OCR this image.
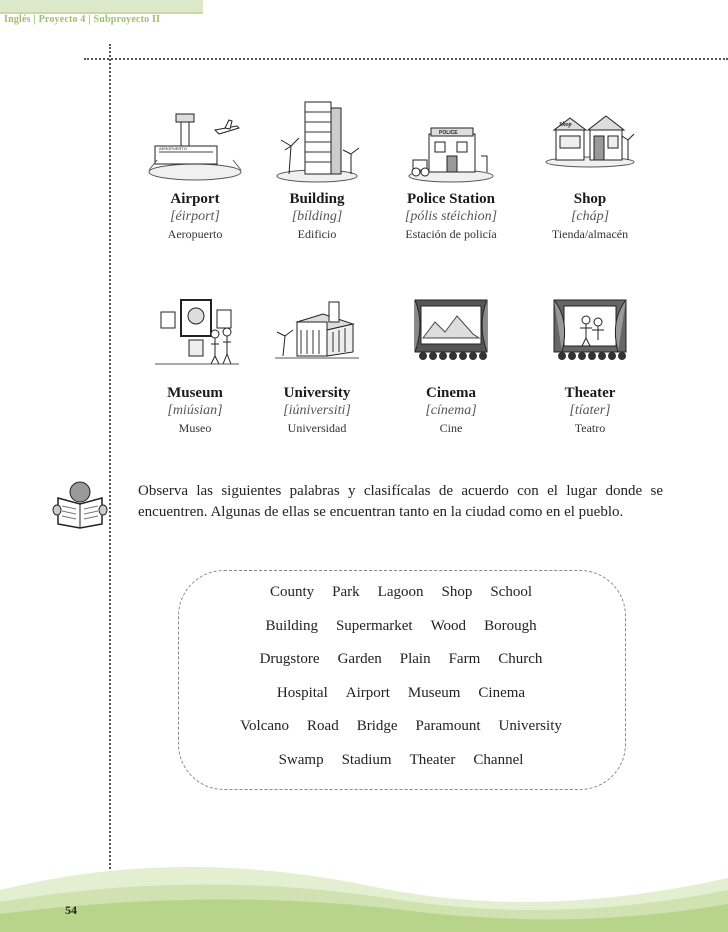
Inglés | Proyecto 4 | Subproyecto II
AEROPUERTO
Airport
[éirport]
Aeropuerto
Building
[bílding]
Edificio
POLICE
Police Station
[pólis stéichion]
Estación de policía
Shop
Shop
[cháp]
Tienda/almacén
Museum
[miúsian]
Museo
University
[iúniversiti]
Universidad
Cinema
[cínema]
Cine
Theater
[tíater]
Teatro
Observa las siguientes palabras y clasifícalas de acuerdo con el lugar donde se encuentren. Algunas de ellas se encuentran tanto en la ciudad como en el pueblo.
County Park Lagoon Shop School
Building Supermarket Wood Borough
Drugstore Garden Plain Farm Church
Hospital Airport Museum Cinema
Volcano Road Bridge Paramount University
Swamp Stadium Theater Channel
54
